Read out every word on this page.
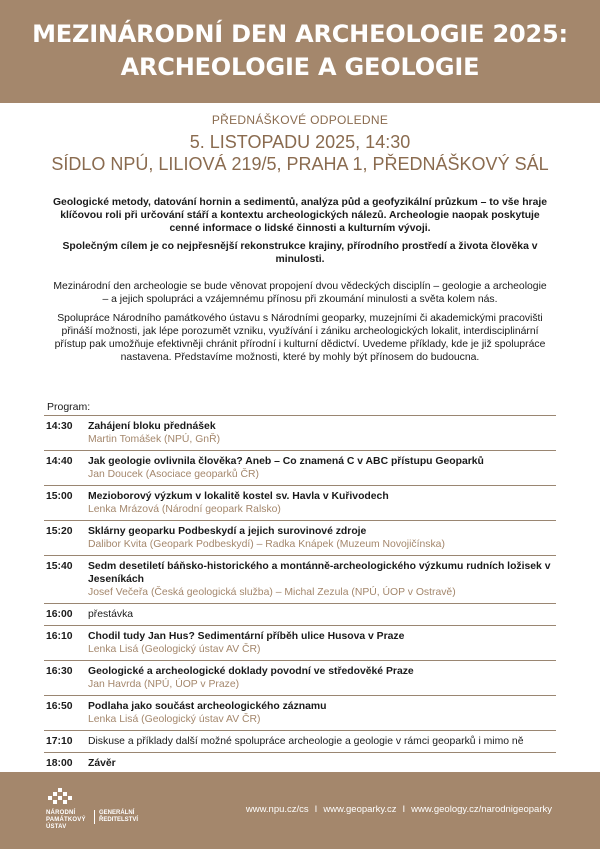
MEZINÁRODNÍ DEN ARCHEOLOGIE 2025:
ARCHEOLOGIE A GEOLOGIE
PŘEDNÁŠKOVÉ ODPOLEDNE
5. LISTOPADU 2025, 14:30
SÍDLO NPÚ, LILIOVÁ 219/5, PRAHA 1, PŘEDNÁŠKOVÝ SÁL

Geologické metody, datování hornin a sedimentů, analýza půd a geofyzikální průzkum – to vše hraje klíčovou roli při určování stáří a kontextu archeologických nálezů. Archeologie naopak poskytuje cenné informace o lidské činnosti a kulturním vývoji.

Společným cílem je co nejpřesnější rekonstrukce krajiny, přírodního prostředí a života člověka v minulosti.

Mezinárodní den archeologie se bude věnovat propojení dvou vědeckých disciplín – geologie a archeologie – a jejich spolupráci a vzájemnému přínosu při zkoumání minulosti a světa kolem nás.

Spolupráce Národního památkového ústavu s Národními geoparky, muzejními či akademickými pracovišti přináší možnosti, jak lépe porozumět vzniku, využívání i zániku archeologických lokalit, interdisciplinární přístup pak umožňuje efektivněji chránit přírodní i kulturní dědictví. Uvedeme příklady, kde je již spolupráce nastavena. Představíme možnosti, které by mohly být přínosem do budoucna.

Program:
14:30	Zahájení bloku přednášek
Martin Tomášek (NPÚ, GnŘ)
14:40	Jak geologie ovlivnila člověka? Aneb – Co znamená C v ABC přístupu Geoparků
Jan Doucek (Asociace geoparků ČR)
15:00	Mezioborový výzkum v lokalitě kostel sv. Havla v Kuřivodech
Lenka Mrázová (Národní geopark Ralsko)
15:20	Sklárny geoparku Podbeskydí a jejich surovinové zdroje
Dalibor Kvita (Geopark Podbeskydí) – Radka Knápek (Muzeum Novojičínska)
15:40	Sedm desetiletí báňsko-historického a montánně-archeologického výzkumu rudních ložisek v Jeseníkách
Josef Večeřa (Česká geologická služba) – Michal Zezula (NPÚ, ÚOP v Ostravě)
16:00	přestávka
16:10	Chodil tudy Jan Hus? Sedimentární příběh ulice Husova v Praze
Lenka Lisá (Geologický ústav AV ČR)
16:30	Geologické a archeologické doklady povodní ve středověké Praze
Jan Havrda (NPÚ, ÚOP v Praze)
16:50	Podlaha jako součást archeologického záznamu
Lenka Lisá (Geologický ústav AV ČR)
17:10	Diskuse a příklady další možné spolupráce archeologie a geologie v rámci geoparků i mimo ně
18:00	Závěr
NÁRODNÍ
PAMÁTKOVÝ
ÚSTAV
GENERÁLNÍ
ŘEDITELSTVÍ
www.npu.cz/cs I www.geoparky.cz I www.geology.cz/narodnigeoparky
